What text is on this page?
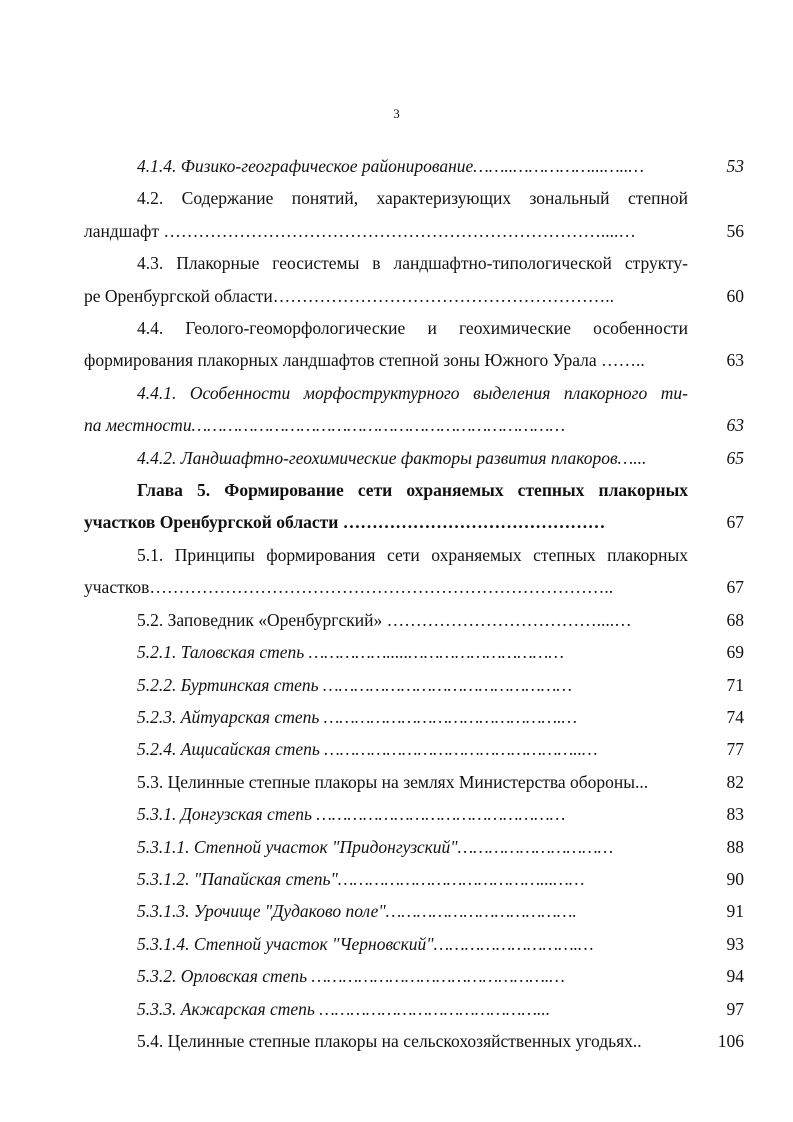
3
4.1.4. Физико-географическое районирование……..……………...…..…	53
4.2. Содержание понятий, характеризующих зональный степной
ландшафт …………………………………………………………………....…	56
4.3. Плакорные геосистемы в ландшафтно-типологической структу-
ре Оренбургской области…………………………………………………..	60
4.4. Геолого-геоморфологические и геохимические особенности
формирования плакорных ландшафтов степной зоны Южного Урала ……..	63
4.4.1. Особенности морфоструктурного выделения плакорного ти-
па местности………………………………………………………………	63
4.4.2. Ландшафтно-геохимические факторы развития плакоров…...	65
Глава 5. Формирование сети охраняемых степных плакорных
участков Оренбургской области ………………………………………	67
5.1. Принципы формирования сети охраняемых степных плакорных
участков……………………………………………………………………..	67
5.2. Заповедник «Оренбургский» ………………………………....…	68
5.2.1. Таловская степь …………….....…………………………	69
5.2.2. Буртинская степь …………………………………………	71
5.2.3. Айтуарская степь ……………………………………….…	74
5.2.4. Ащисайская степь …………………………………………..…	77
5.3. Целинные степные плакоры на землях Министерства обороны...	82
5.3.1. Донгузская степь …………………………………………	83
5.3.1.1. Степной участок "Придонгузский"…………………………	88
5.3.1.2. "Папайская степь"…………………………………...……	90
5.3.1.3. Урочище "Дудаково поле"……………………………….	91
5.3.1.4. Степной участок "Черновский"……………………….…	93
5.3.2. Орловская степь ……………………………………….…	94
5.3.3. Акжарская степь ……………………………………...	97
5.4. Целинные степные плакоры на сельскохозяйственных угодьях..	106
